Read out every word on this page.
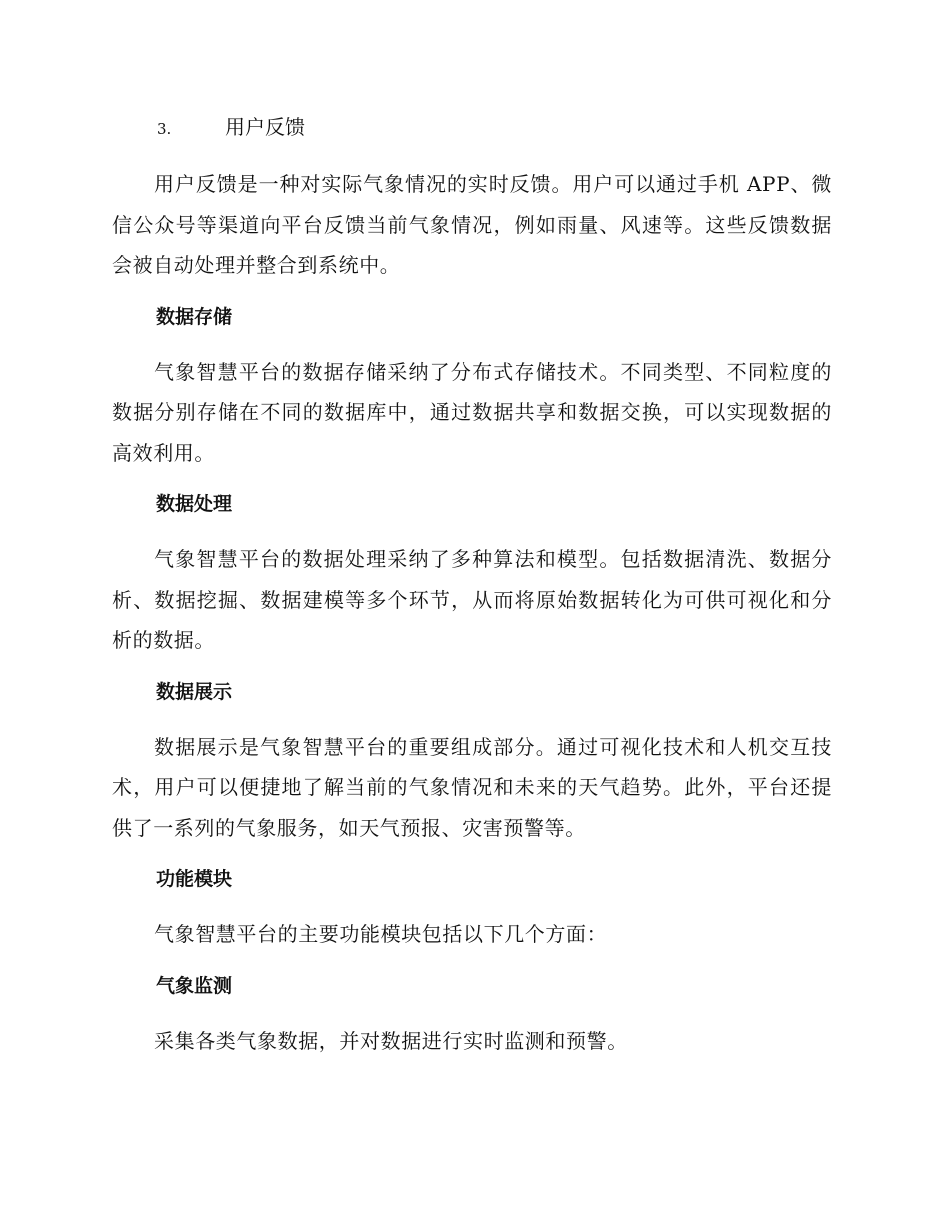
3.	用户反馈

用户反馈是一种对实际气象情况的实时反馈。用户可以通过手机 APP、微信公众号等渠道向平台反馈当前气象情况，例如雨量、风速等。这些反馈数据会被自动处理并整合到系统中。

数据存储

气象智慧平台的数据存储采纳了分布式存储技术。不同类型、不同粒度的数据分别存储在不同的数据库中，通过数据共享和数据交换，可以实现数据的高效利用。

数据处理

气象智慧平台的数据处理采纳了多种算法和模型。包括数据清洗、数据分析、数据挖掘、数据建模等多个环节，从而将原始数据转化为可供可视化和分析的数据。

数据展示

数据展示是气象智慧平台的重要组成部分。通过可视化技术和人机交互技术，用户可以便捷地了解当前的气象情况和未来的天气趋势。此外，平台还提供了一系列的气象服务，如天气预报、灾害预警等。

功能模块

气象智慧平台的主要功能模块包括以下几个方面：

气象监测

采集各类气象数据，并对数据进行实时监测和预警。
